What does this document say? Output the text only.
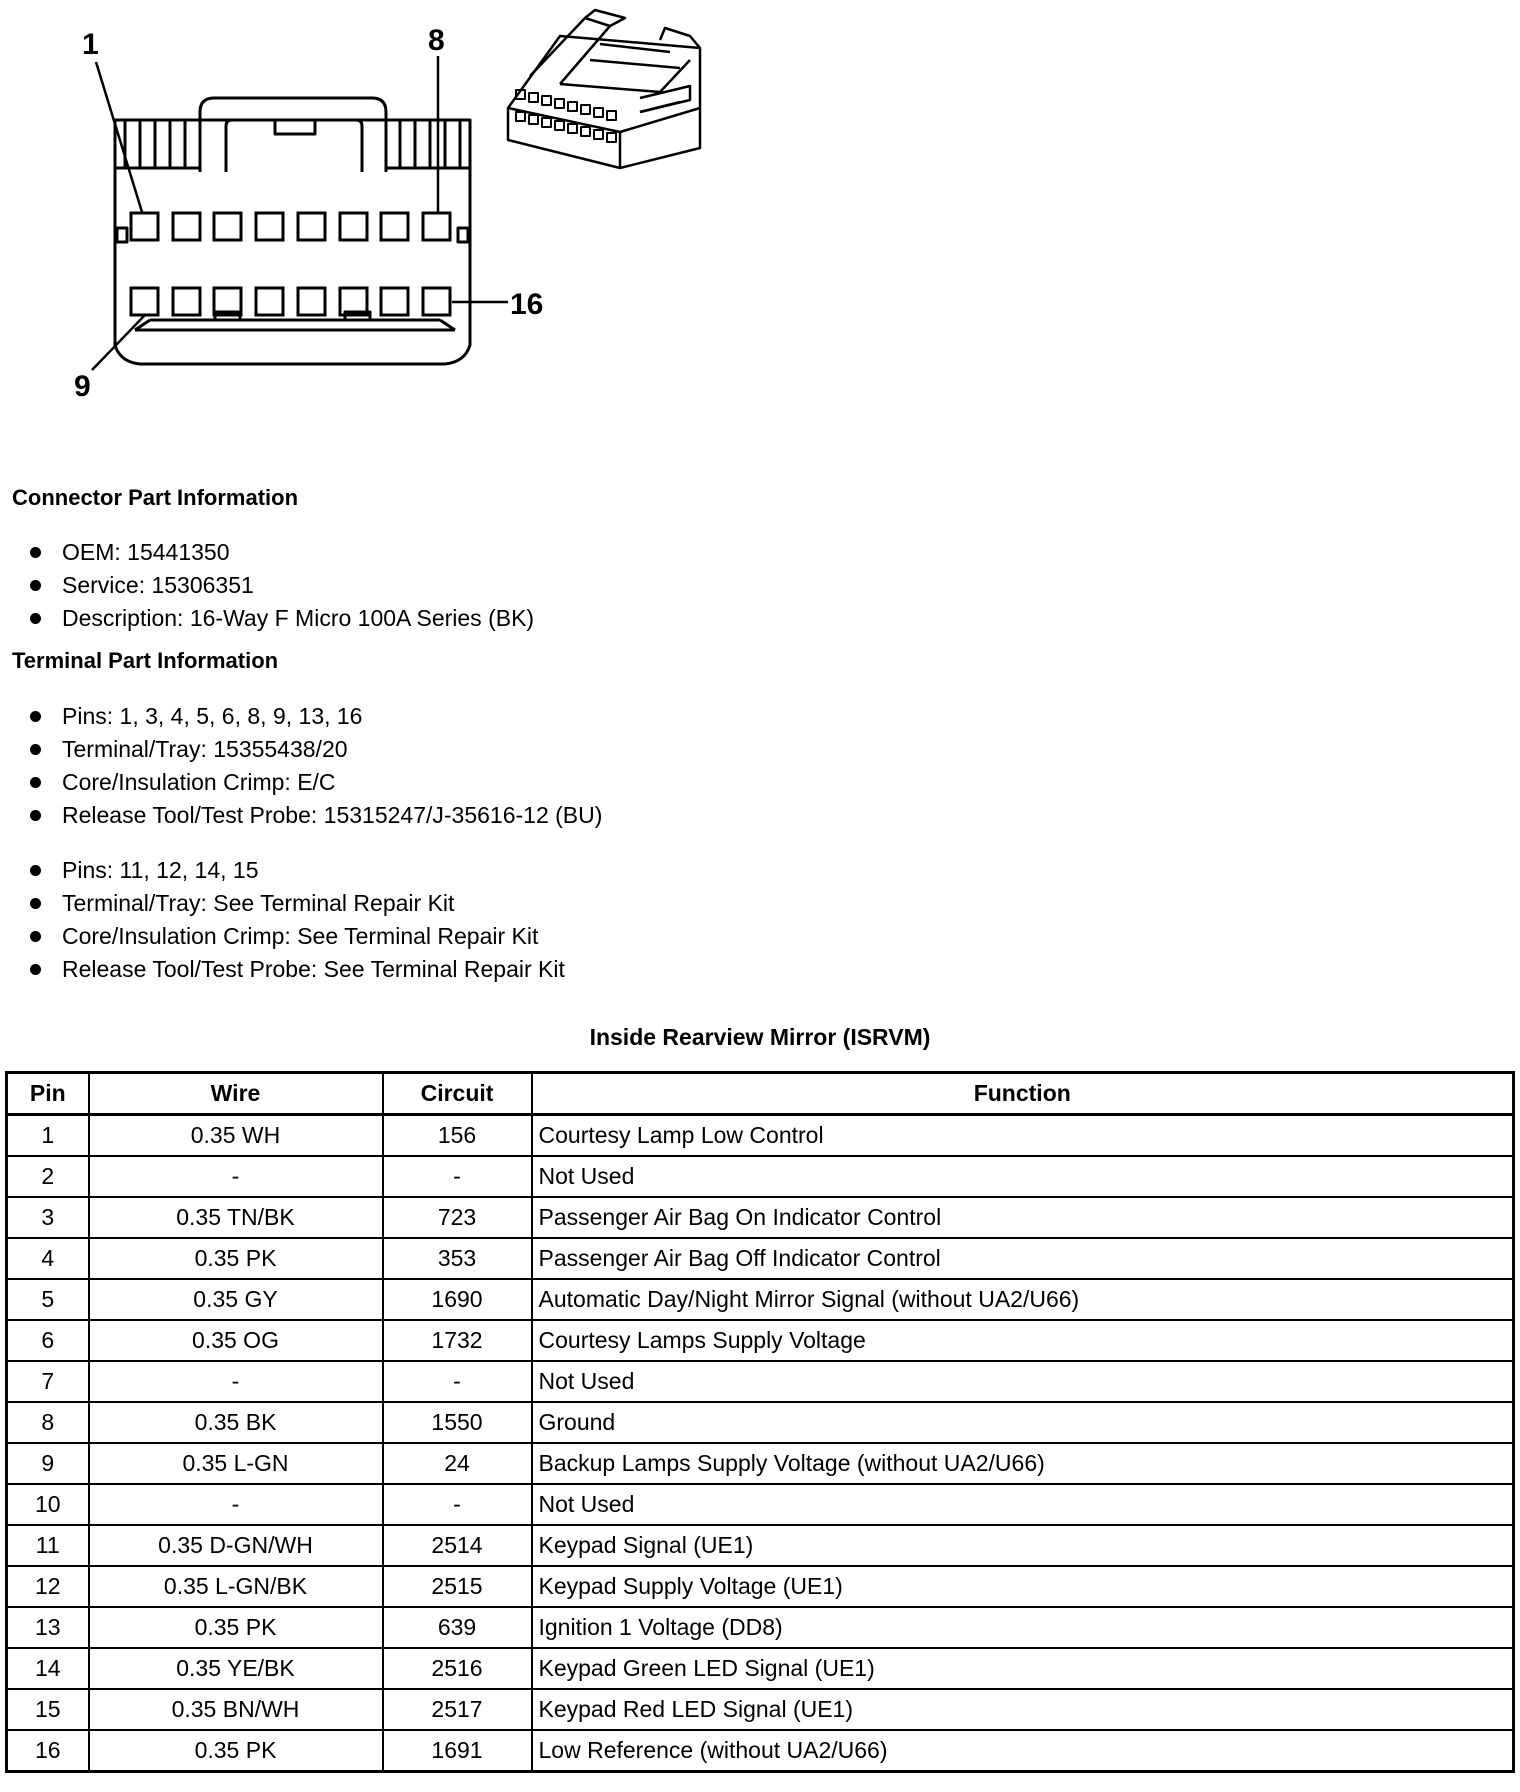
1	8
16
9
Connector Part Information
OEM: 15441350
Service: 15306351
Description: 16-Way F Micro 100A Series (BK)
Terminal Part Information
Pins: 1, 3, 4, 5, 6, 8, 9, 13, 16
Terminal/Tray: 15355438/20
Core/Insulation Crimp: E/C
Release Tool/Test Probe: 15315247/J-35616-12 (BU)
Pins: 11, 12, 14, 15
Terminal/Tray: See Terminal Repair Kit
Core/Insulation Crimp: See Terminal Repair Kit
Release Tool/Test Probe: See Terminal Repair Kit
Inside Rearview Mirror (ISRVM)
Pin	Wire	Circuit	Function
1	0.35 WH	156	Courtesy Lamp Low Control
2	-	-	Not Used
3	0.35 TN/BK	723	Passenger Air Bag On Indicator Control
4	0.35 PK	353	Passenger Air Bag Off Indicator Control
5	0.35 GY	1690	Automatic Day/Night Mirror Signal (without UA2/U66)
6	0.35 OG	1732	Courtesy Lamps Supply Voltage
7	-	-	Not Used
8	0.35 BK	1550	Ground
9	0.35 L-GN	24	Backup Lamps Supply Voltage (without UA2/U66)
10	-	-	Not Used
11	0.35 D-GN/WH	2514	Keypad Signal (UE1)
12	0.35 L-GN/BK	2515	Keypad Supply Voltage (UE1)
13	0.35 PK	639	Ignition 1 Voltage (DD8)
14	0.35 YE/BK	2516	Keypad Green LED Signal (UE1)
15	0.35 BN/WH	2517	Keypad Red LED Signal (UE1)
16	0.35 PK	1691	Low Reference (without UA2/U66)
